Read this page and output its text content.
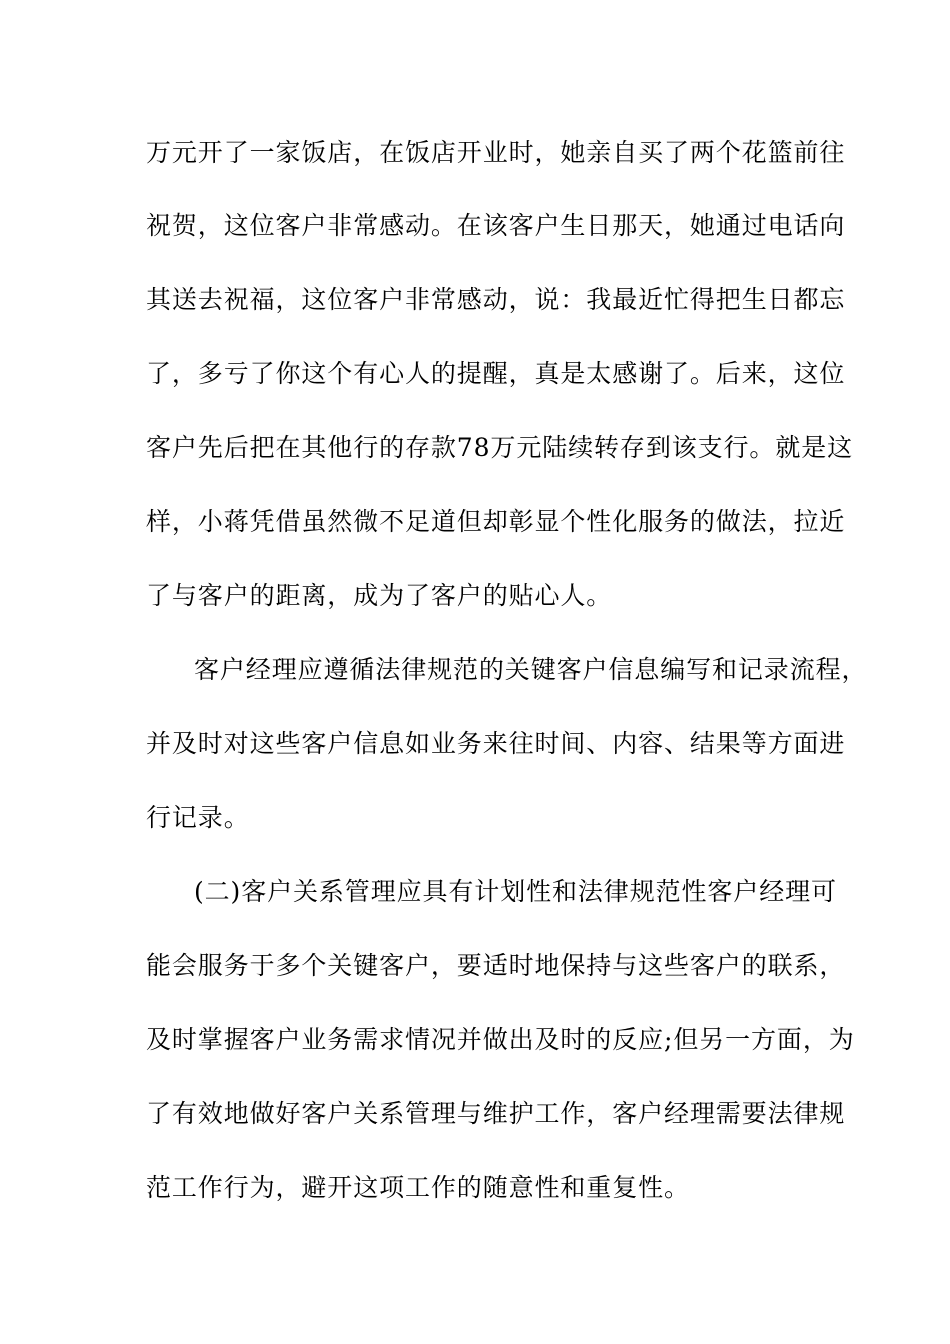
万元开了一家饭店，在饭店开业时，她亲自买了两个花篮前往
祝贺，这位客户非常感动。在该客户生日那天，她通过电话向
其送去祝福，这位客户非常感动，说：我最近忙得把生日都忘
了，多亏了你这个有心人的提醒，真是太感谢了。后来，这位
客户先后把在其他行的存款78万元陆续转存到该支行。就是这
样，小蒋凭借虽然微不足道但却彰显个性化服务的做法，拉近
了与客户的距离，成为了客户的贴心人。
客户经理应遵循法律规范的关键客户信息编写和记录流程，
并及时对这些客户信息如业务来往时间、内容、结果等方面进
行记录。
(二)客户关系管理应具有计划性和法律规范性客户经理可
能会服务于多个关键客户，要适时地保持与这些客户的联系，
及时掌握客户业务需求情况并做出及时的反应;但另一方面，为
了有效地做好客户关系管理与维护工作，客户经理需要法律规
范工作行为，避开这项工作的随意性和重复性。
